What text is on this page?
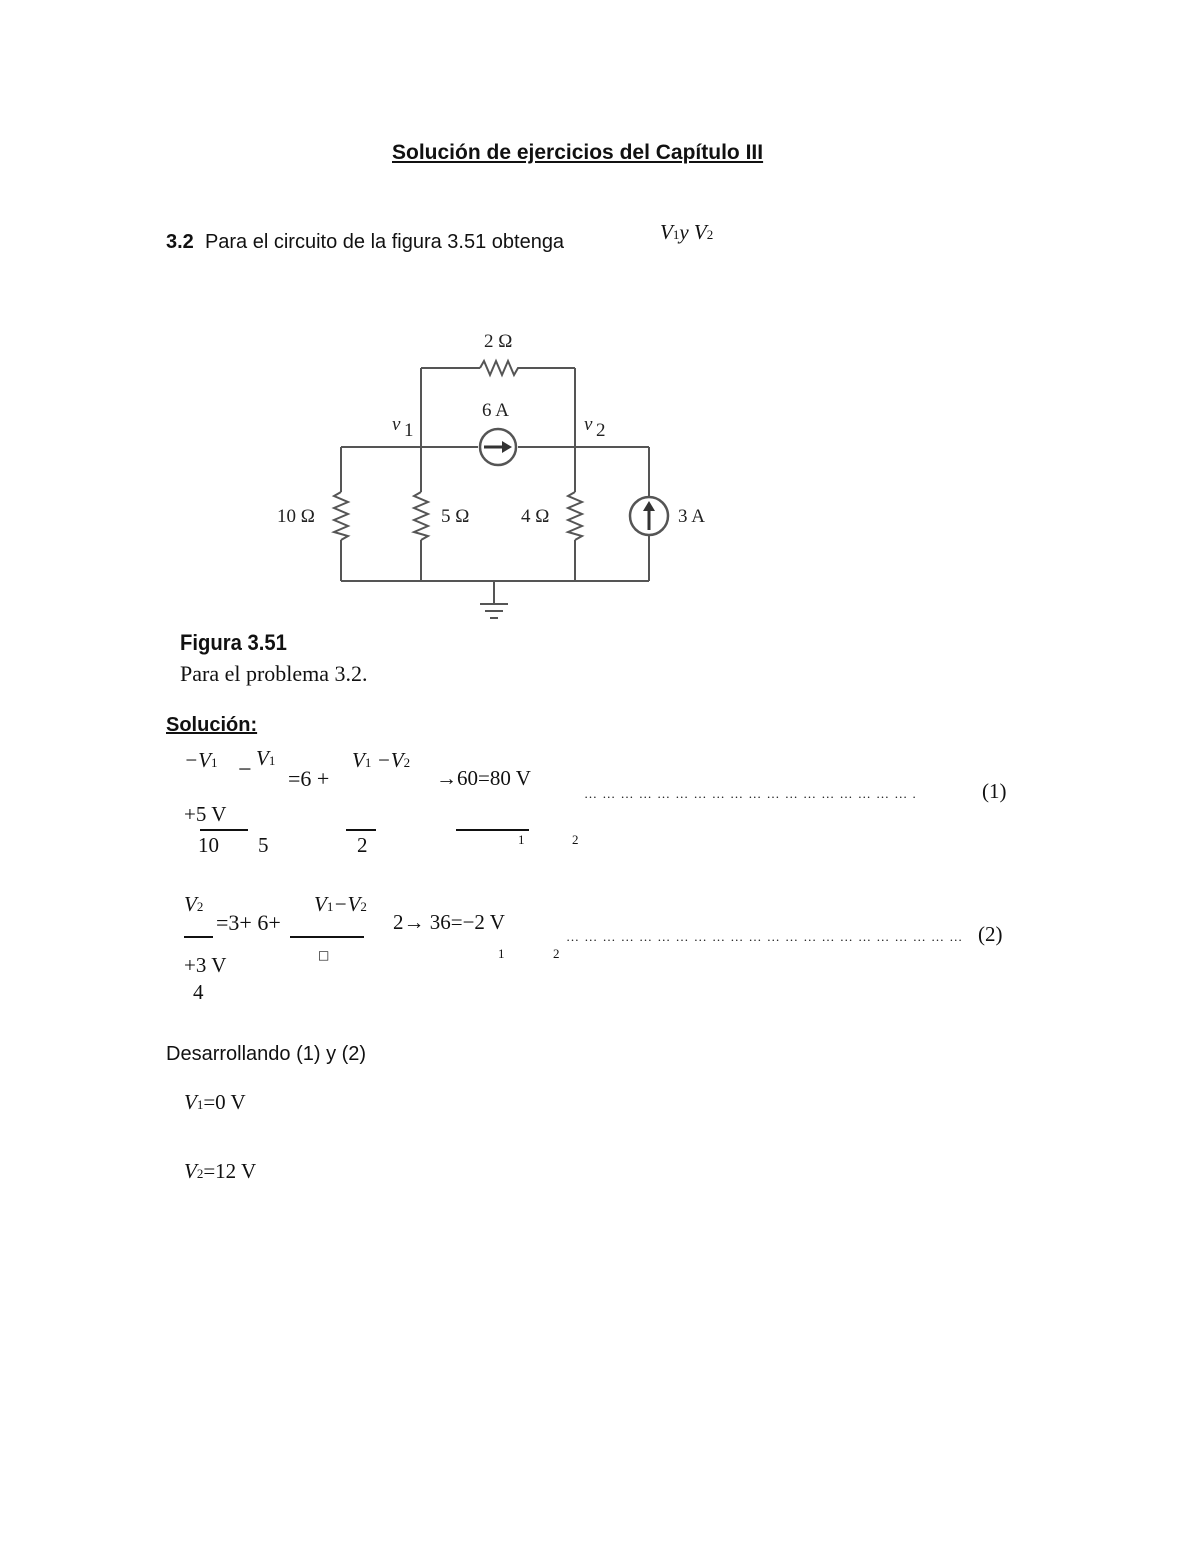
Solución de ejercicios del Capítulo III
3.2 Para el circuito de la figura 3.51 obtenga	V1y V2
2 Ω
6 A
v 1	v 2
10 Ω	5 Ω	4 Ω	3 A
Figura 3.51
Para el problema 3.2.
Solución:
−V1 − V1
=6 +
V1 −V2
→60=80 V
… … … … … … … … … … … … … … … … … … .	(1)
+5 V
10 5	2	1	2
V2
=3+ 6+
V1−V2
2→ 36=−2 V
… … … … … … … … … … … … … … … … … … … … … … (2)
+3 V
4
□	1	2
Desarrollando (1) y (2)
V1=0 V
V2=12 V
